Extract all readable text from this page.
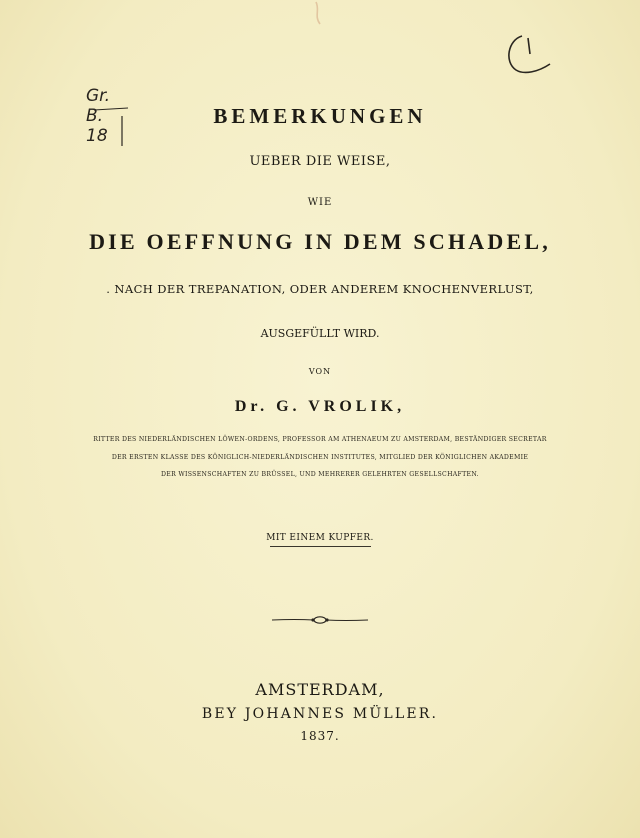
Gr. B. 18
BEMERKUNGEN
UEBER DIE WEISE,
WIE
DIE OEFFNUNG IN DEM SCHADEL,
. NACH DER TREPANATION, ODER ANDEREM KNOCHENVERLUST,
AUSGEFÜLLT WIRD.
VON
Dr. G. VROLIK,
RITTER DES NIEDERLÄNDISCHEN LÖWEN-ORDENS, PROFESSOR AM ATHENAEUM ZU AMSTERDAM, BESTÄNDIGER SECRETAR
DER ERSTEN KLASSE DES KÖNIGLICH-NIEDERLÄNDISCHEN INSTITUTES, MITGLIED DER KÖNIGLICHEN AKADEMIE
DER WISSENSCHAFTEN ZU BRÜSSEL, UND MEHRERER GELEHRTEN GESELLSCHAFTEN.
MIT EINEM KUPFER.
AMSTERDAM,
BEY JOHANNES MÜLLER.
1837.
